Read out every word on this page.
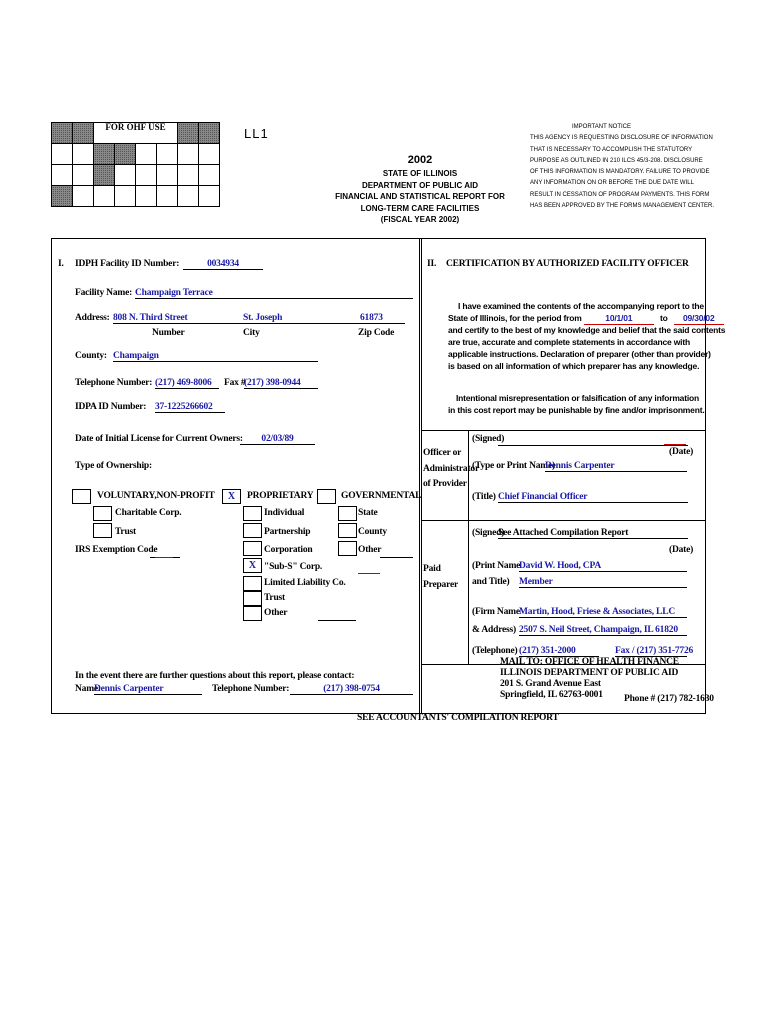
		FOR OHF USE					

								LL1
2002
STATE OF ILLINOIS
DEPARTMENT OF PUBLIC AID
FINANCIAL AND STATISTICAL REPORT FOR
LONG-TERM CARE FACILITIES
(FISCAL YEAR 2002)
IMPORTANT NOTICE
THIS AGENCY IS REQUESTING DISCLOSURE OF INFORMATION
THAT IS NECESSARY TO ACCOMPLISH THE STATUTORY
PURPOSE AS OUTLINED IN 210 ILCS 45/3-208. DISCLOSURE
OF THIS INFORMATION IS MANDATORY. FAILURE TO PROVIDE
ANY INFORMATION ON OR BEFORE THE DUE DATE WILL
RESULT IN CESSATION OF PROGRAM PAYMENTS. THIS FORM
HAS BEEN APPROVED BY THE FORMS MANAGEMENT CENTER.
I. IDPH Facility ID Number:	0034934
Facility Name: Champaign Terrace
Address: 808 N. Third Street	St. Joseph	61873
Number	City	Zip Code
County: Champaign
Telephone Number: (217) 469-8006	Fax #
(217) 398-0944
IDPA ID Number: 37-1225266602
Date of Initial License for Current Owners:	02/03/89
Type of Ownership:
VOLUNTARY,NON-PROFIT
Charitable Corp.
Trust
IRS Exemption Code
X	PROPRIETARY
Individual
Partnership
Corporation
X "Sub-S" Corp.
Limited Liability Co.
Trust
Other
GOVERNMENTAL
State
County
Other
In the event there are further questions about this report, please contact:
Name:
Dennis Carpenter	Telephone Number:	(217) 398-0754
II. CERTIFICATION BY AUTHORIZED FACILITY OFFICER
I have examined the contents of the accompanying report to the
State of Illinois, for the period from	10/1/01	to 09/30/02
and certify to the best of my knowledge and belief that the said contents
are true, accurate and complete statements in accordance with
applicable instructions. Declaration of preparer (other than provider)
is based on all information of which preparer has any knowledge.
Intentional misrepresentation or falsification of any information
in this cost report may be punishable by fine and/or imprisonment.
Officer or
Administrator
of Provider
(Signed)
(Date)
(Type or Print Name)
Dennis Carpenter
(Title) Chief Financial Officer
(Signed)
See Attached Compilation Report
(Date)
Paid
Preparer
(Print Name
David W. Hood, CPA
and Title) Member
(Firm Name Martin, Hood, Friese & Associates, LLC
& Address) 2507 S. Neil Street, Champaign, IL 61820
(Telephone) (217) 351-2000	Fax / (217) 351-7726
MAIL TO: OFFICE OF HEALTH FINANCE
ILLINOIS DEPARTMENT OF PUBLIC AID
201 S. Grand Avenue East
Springfield, IL 62763-0001	Phone # (217) 782-1630
SEE ACCOUNTANTS' COMPILATION REPORT
